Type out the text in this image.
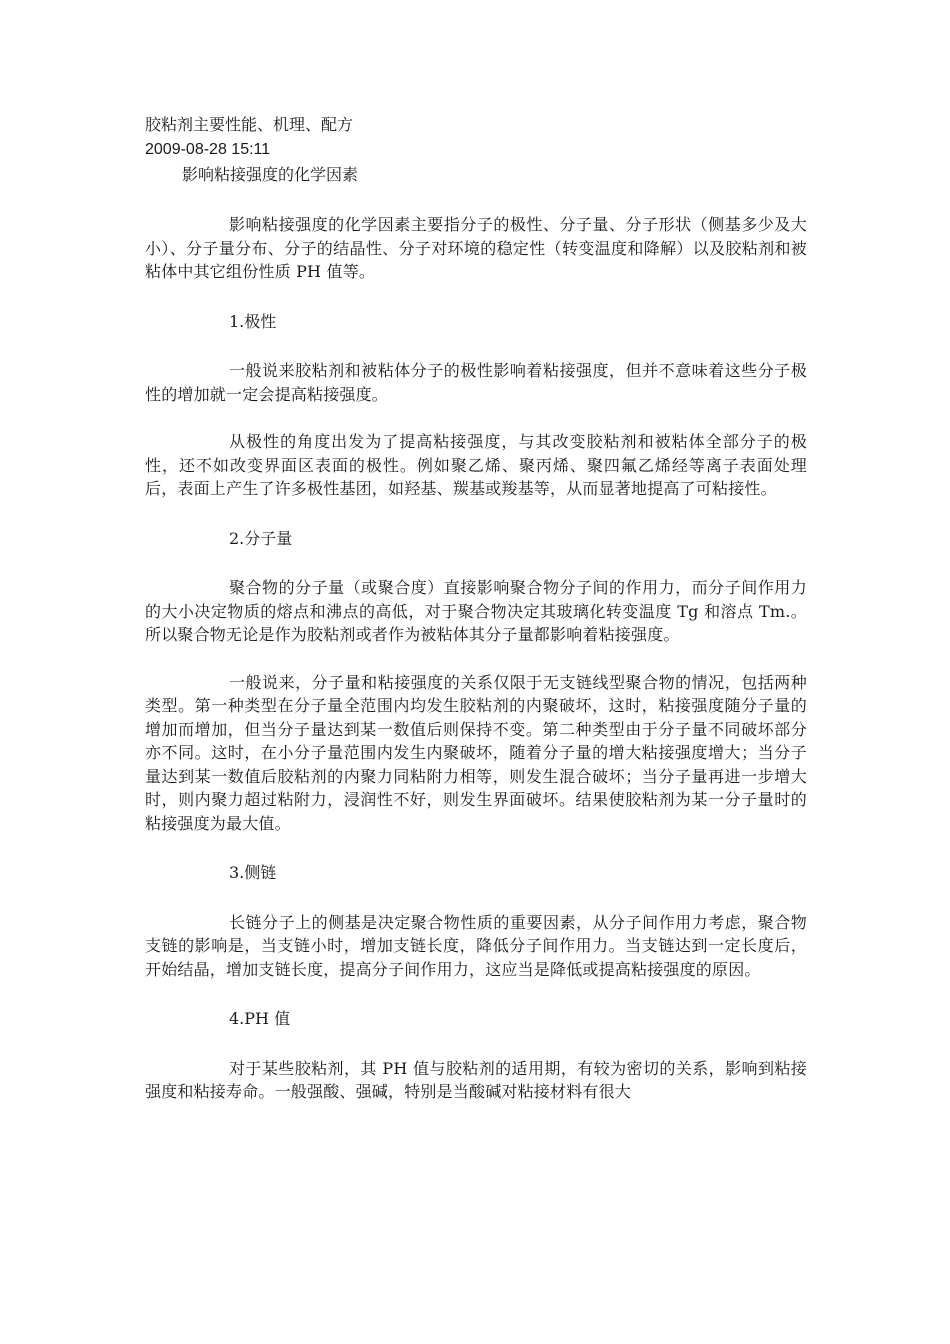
胶粘剂主要性能、机理、配方
2009-08-28 15:11
影响粘接强度的化学因素

影响粘接强度的化学因素主要指分子的极性、分子量、分子形状（侧基多少及大小）、分子量分布、分子的结晶性、分子对环境的稳定性（转变温度和降解）以及胶粘剂和被粘体中其它组份性质 PH 值等。

1.极性

一般说来胶粘剂和被粘体分子的极性影响着粘接强度，但并不意味着这些分子极性的增加就一定会提高粘接强度。

从极性的角度出发为了提高粘接强度，与其改变胶粘剂和被粘体全部分子的极性，还不如改变界面区表面的极性。例如聚乙烯、聚丙烯、聚四氟乙烯经等离子表面处理后，表面上产生了许多极性基团，如羟基、羰基或羧基等，从而显著地提高了可粘接性。

2.分子量

聚合物的分子量（或聚合度）直接影响聚合物分子间的作用力，而分子间作用力的大小决定物质的熔点和沸点的高低，对于聚合物决定其玻璃化转变温度 Tg 和溶点 Tm.。所以聚合物无论是作为胶粘剂或者作为被粘体其分子量都影响着粘接强度。

一般说来，分子量和粘接强度的关系仅限于无支链线型聚合物的情况，包括两种类型。第一种类型在分子量全范围内均发生胶粘剂的内聚破坏，这时，粘接强度随分子量的增加而增加，但当分子量达到某一数值后则保持不变。第二种类型由于分子量不同破坏部分亦不同。这时，在小分子量范围内发生内聚破坏，随着分子量的增大粘接强度增大；当分子量达到某一数值后胶粘剂的内聚力同粘附力相等，则发生混合破坏；当分子量再进一步增大时，则内聚力超过粘附力，浸润性不好，则发生界面破坏。结果使胶粘剂为某一分子量时的粘接强度为最大值。

3.侧链

长链分子上的侧基是决定聚合物性质的重要因素，从分子间作用力考虑，聚合物支链的影响是，当支链小时，增加支链长度，降低分子间作用力。当支链达到一定长度后，开始结晶，增加支链长度，提高分子间作用力，这应当是降低或提高粘接强度的原因。

4.PH 值

对于某些胶粘剂，其 PH 值与胶粘剂的适用期，有较为密切的关系，影响到粘接强度和粘接寿命。一般强酸、强碱，特别是当酸碱对粘接材料有很大
